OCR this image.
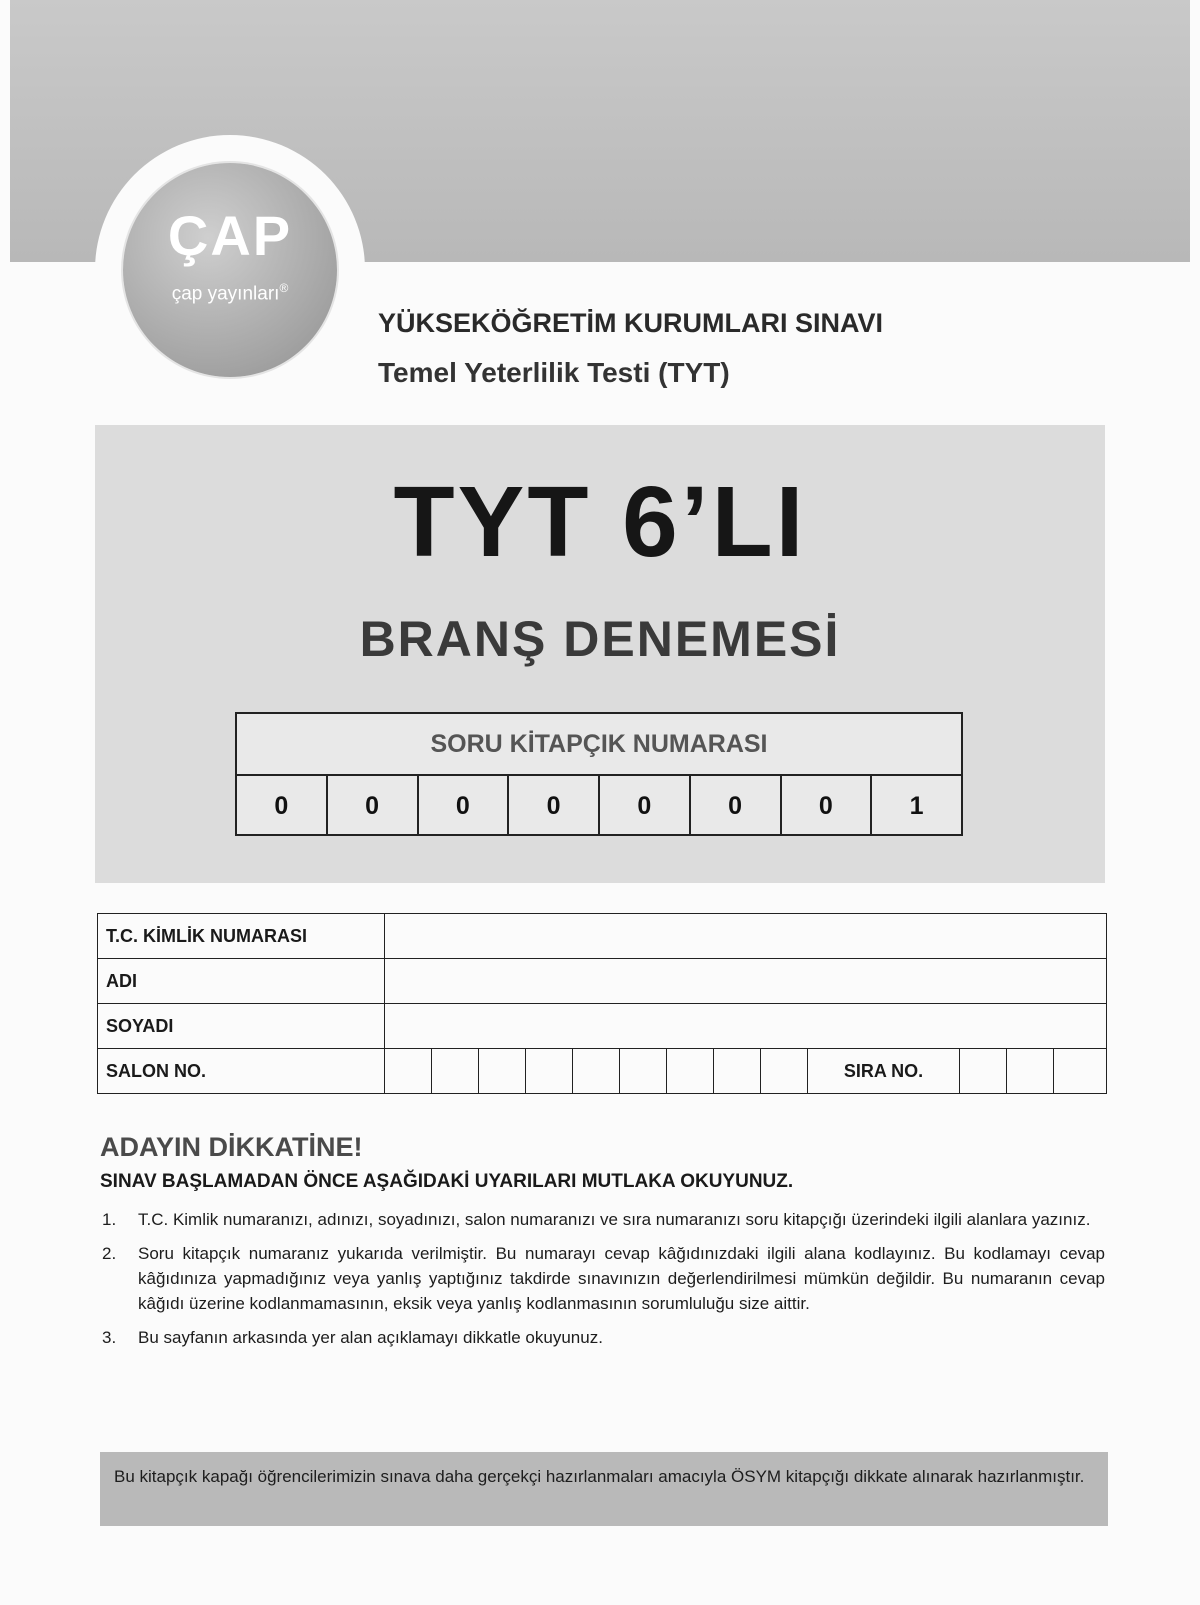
ÇAP
çap yayınları®

YÜKSEKÖĞRETİM KURUMLARI SINAVI

Temel Yeterlilik Testi (TYT)

TYT 6’LI
BRANŞ DENEMESİ
SORU KİTAPÇIK NUMARASI
0	0	0	0	0	0	0	1
T.C. KİMLİK NUMARASI	
ADI	
SOYADI	
SALON NO.	SIRA NO.

ADAYIN DİKKATİNE!

SINAV BAŞLAMADAN ÖNCE AŞAĞIDAKİ UYARILARI MUTLAKA OKUYUNUZ.

1.	T.C. Kimlik numaranızı, adınızı, soyadınızı, salon numaranızı ve sıra numaranızı soru kitapçığı üzerindeki ilgili alanlara yazınız.
2.	Soru kitapçık numaranız yukarıda verilmiştir. Bu numarayı cevap kâğıdınızdaki ilgili alana kodlayınız. Bu kodlamayı cevap kâğıdınıza yapmadığınız veya yanlış yaptığınız takdirde sınavınızın değerlendirilmesi mümkün değildir. Bu numaranın cevap kâğıdı üzerine kodlanmamasının, eksik veya yanlış kodlanmasının sorumluluğu size aittir.
3.	Bu sayfanın arkasında yer alan açıklamayı dikkatle okuyunuz.
Bu kitapçık kapağı öğrencilerimizin sınava daha gerçekçi hazırlanmaları amacıyla ÖSYM kitapçığı dikkate alınarak hazırlanmıştır.
